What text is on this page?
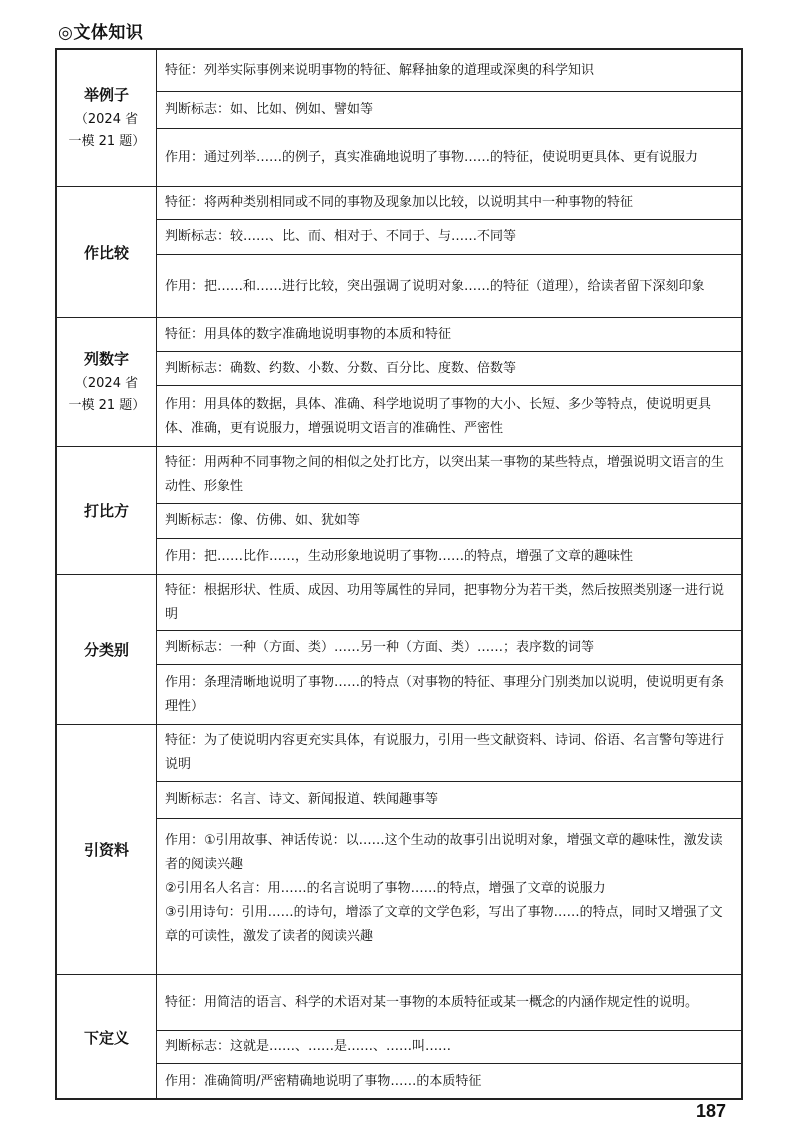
◎文体知识
举例子
（2024 省一模 21 题）
特征：列举实际事例来说明事物的特征、解释抽象的道理或深奥的科学知识
判断标志：如、比如、例如、譬如等
作用：通过列举……的例子，真实准确地说明了事物……的特征，使说明更具体、更有说服力
作比较
特征：将两种类别相同或不同的事物及现象加以比较，以说明其中一种事物的特征
判断标志：较……、比、而、相对于、不同于、与……不同等
作用：把……和……进行比较，突出强调了说明对象……的特征（道理），给读者留下深刻印象
列数字
（2024 省一模 21 题）
特征：用具体的数字准确地说明事物的本质和特征
判断标志：确数、约数、小数、分数、百分比、度数、倍数等
作用：用具体的数据，具体、准确、科学地说明了事物的大小、长短、多少等特点，使说明更具体、准确，更有说服力，增强说明文语言的准确性、严密性
打比方
特征：用两种不同事物之间的相似之处打比方，以突出某一事物的某些特点，增强说明文语言的生动性、形象性
判断标志：像、仿佛、如、犹如等
作用：把……比作……，生动形象地说明了事物……的特点，增强了文章的趣味性
分类别
特征：根据形状、性质、成因、功用等属性的异同，把事物分为若干类，然后按照类别逐一进行说明
判断标志：一种（方面、类）……另一种（方面、类）……；表序数的词等
作用：条理清晰地说明了事物……的特点（对事物的特征、事理分门别类加以说明，使说明更有条理性）
引资料
特征：为了使说明内容更充实具体，有说服力，引用一些文献资料、诗词、俗语、名言警句等进行说明
判断标志：名言、诗文、新闻报道、轶闻趣事等
作用：①引用故事、神话传说：以……这个生动的故事引出说明对象，增强文章的趣味性，激发读者的阅读兴趣
②引用名人名言：用……的名言说明了事物……的特点，增强了文章的说服力
③引用诗句：引用……的诗句，增添了文章的文学色彩，写出了事物……的特点，同时又增强了文章的可读性，激发了读者的阅读兴趣
下定义
特征：用简洁的语言、科学的术语对某一事物的本质特征或某一概念的内涵作规定性的说明。
判断标志：这就是……、……是……、……叫……
作用：准确简明/严密精确地说明了事物……的本质特征
187
